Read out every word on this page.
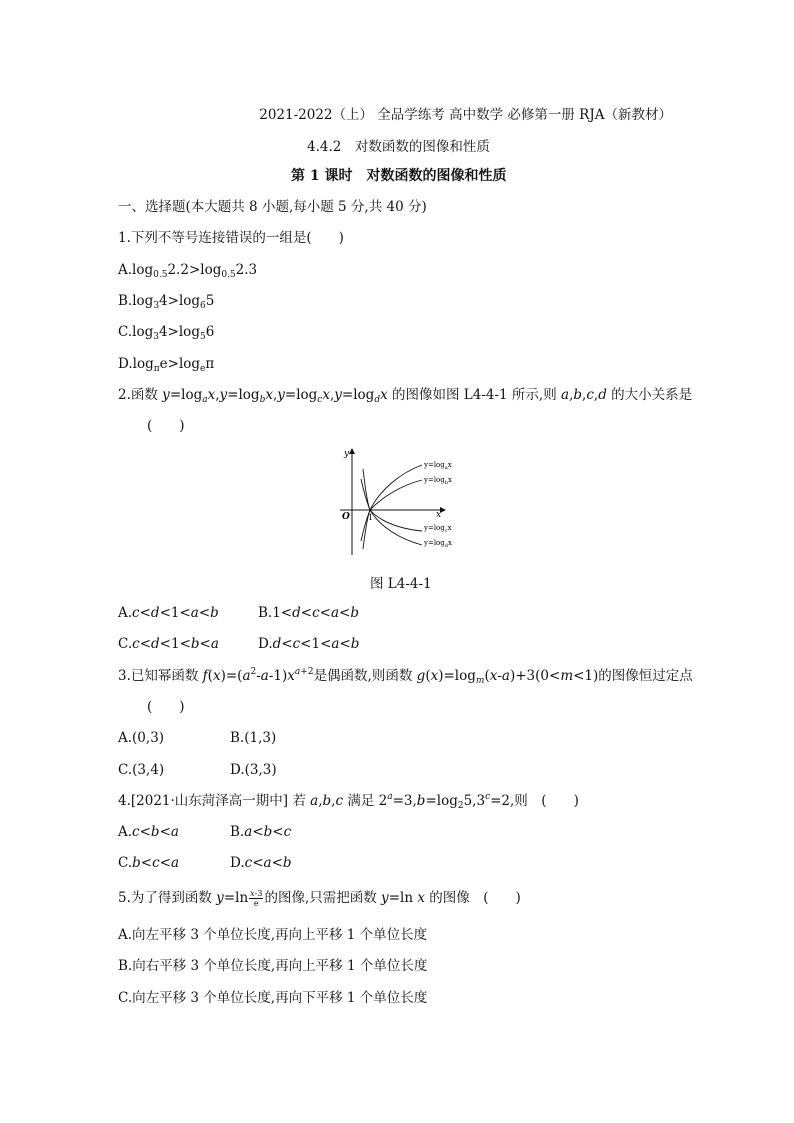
2021-2022（上） 全品学练考 高中数学 必修第一册 RJA（新教材）
4.4.2　对数函数的图像和性质
第 1 课时　对数函数的图像和性质
一、选择题(本大题共 8 小题,每小题 5 分,共 40 分)
1.下列不等号连接错误的一组是(　　)
$A.\log_{0.5}2.2>\log_{0.5}2.3$
$B.\log_34>\log_65$
$C.\log_34>\log_56$
$D.\log_\pi e>\log_e\pi$
2.函数 $y=\log_ax,y=\log_bx,y=\log_cx,y=\log_dx$ 的图像如图 L4-4-1 所示,则 a,b,c,d 的大小关系是
(　　)
y
x
O 1
$y=\log_ax$
$y=\log_bx$
$y=\log_cx$
$y=\log_dx$
图 L4-4-1
A.c<d<1<a<b	B.1<d<c<a<b
C.c<d<1<b<a	D.d<c<1<a<b
3.已知幂函数 $f(x)=(a^2-a-1)x^{a+2}$是偶函数,则函数 $g(x)=\log_m(x-a)+3(0<m<1)$的图像恒过定点
(　　)
A.(0,3)	B.(1,3)
C.(3,4)	D.(3,3)
4.[2021·山东菏泽高一期中] 若 a,b,c 满足 $2^a=3,b=\log_25,3^c=2$,则　(　　)
A.c<b<a	B.a<b<c
C.b<c<a	D.c<a<b
5.为了得到函数 $y=\ln \frac{x-3}{e}$ 的图像,只需把函数 y=ln x 的图像　(　　)
A.向左平移 3 个单位长度,再向上平移 1 个单位长度
B.向右平移 3 个单位长度,再向上平移 1 个单位长度
C.向左平移 3 个单位长度,再向下平移 1 个单位长度
